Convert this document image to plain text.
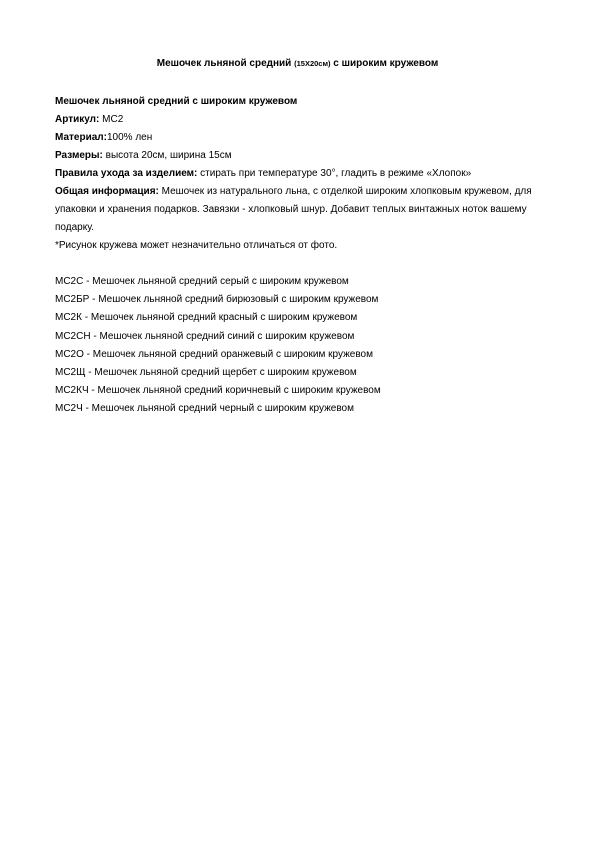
Мешочек льняной средний (15Х20см) с широким кружевом
Мешочек льняной средний с широким кружевом
Артикул: МС2
Материал:100% лен
Размеры: высота 20см, ширина 15см
Правила ухода за изделием: стирать при температуре 30°, гладить в режиме «Хлопок»
Общая информация: Мешочек из натурального льна, с отделкой широким хлопковым кружевом, для упаковки и хранения подарков. Завязки - хлопковый шнур. Добавит теплых винтажных ноток вашему подарку.
*Рисунок кружева может незначительно отличаться от фото.
МС2С - Мешочек льняной средний серый с широким кружевом
МС2БР - Мешочек льняной средний бирюзовый с широким кружевом
МС2К - Мешочек льняной средний красный с широким кружевом
МС2СН - Мешочек льняной средний синий с широким кружевом
МС2О - Мешочек льняной средний оранжевый с широким кружевом
МС2Щ - Мешочек льняной средний щербет с широким кружевом
МС2КЧ - Мешочек льняной средний коричневый с широким кружевом
МС2Ч - Мешочек льняной средний черный с широким кружевом
